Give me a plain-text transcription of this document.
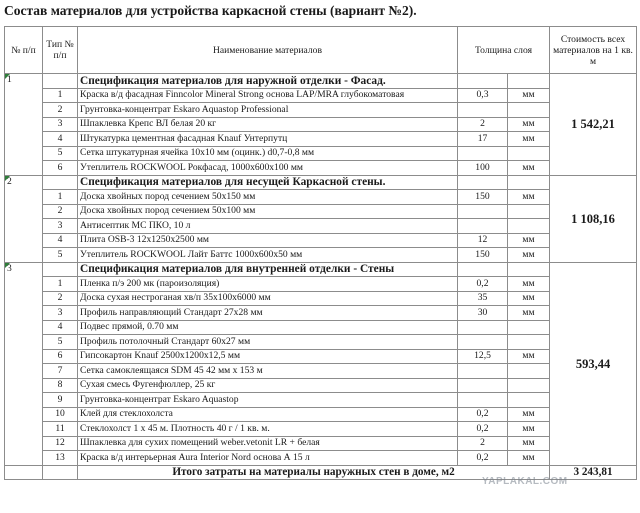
Состав материалов для устройства каркасной стены (вариант №2).
№ п/п	Тип № п/п	Наименование материалов	Толщина слоя		Стоимость всех материалов на 1 кв. м
1		Спецификация материалов для наружной отделки - Фасад.			1 542,21
	1	Краска в/д фасадная Finncolor Mineral Strong основа LAP/MRA глубокоматовая	0,3	мм	
	2	Грунтовка-концентрат Eskaro Aquastop Professional			
	3	Шпаклевка Крепс ВЛ белая 20 кг	2	мм	
	4	Штукатурка цементная фасадная Knauf Унтерпутц	17	мм	
	5	Сетка штукатурная ячейка 10х10 мм (оцинк.) d0,7-0,8 мм			
	6	Утеплитель ROCKWOOL Рокфасад, 1000х600х100 мм	100	мм	
2		Спецификация материалов для несущей Каркасной стены.			1 108,16
	1	Доска хвойных пород сечением 50х150 мм	150	мм	
	2	Доска хвойных пород сечением 50х100 мм			
	3	Антисептик МС ПКО, 10 л			
	4	Плита OSB-3 12х1250х2500 мм	12	мм	
	5	Утеплитель ROCKWOOL Лайт Баттс 1000х600х50 мм	150	мм	
3		Спецификация материалов для внутренней отделки - Стены			593,44
	1	Пленка п/э 200 мк (пароизоляция)	0,2	мм	
	2	Доска сухая нестроганая хв/п 35х100х6000 мм	35	мм	
	3	Профиль направляющий Стандарт 27х28 мм	30	мм	
	4	Подвес прямой, 0.70 мм			
	5	Профиль потолочный Стандарт 60х27 мм			
	6	Гипсокартон Knauf 2500х1200х12,5 мм	12,5	мм	
	7	Сетка самоклеящаяся SDM 45 42 мм х 153 м			
	8	Сухая смесь Фугенфюллер, 25 кг			
	9	Грунтовка-концентрат Eskaro Aquastop			
	10	Клей для стеклохолста	0,2	мм	
	11	Стеклохолст 1 х 45 м. Плотность 40 г / 1 кв. м.	0,2	мм	
	12	Шпаклевка для сухих помещений weber.vetonit LR + белая	2	мм	
	13	Краска в/д интерьерная Aura Interior Nord основа А 15 л	0,2	мм	
		Итого затраты на материалы наружных стен в доме, м2			3 243,81
YAPLAKAL.COM
